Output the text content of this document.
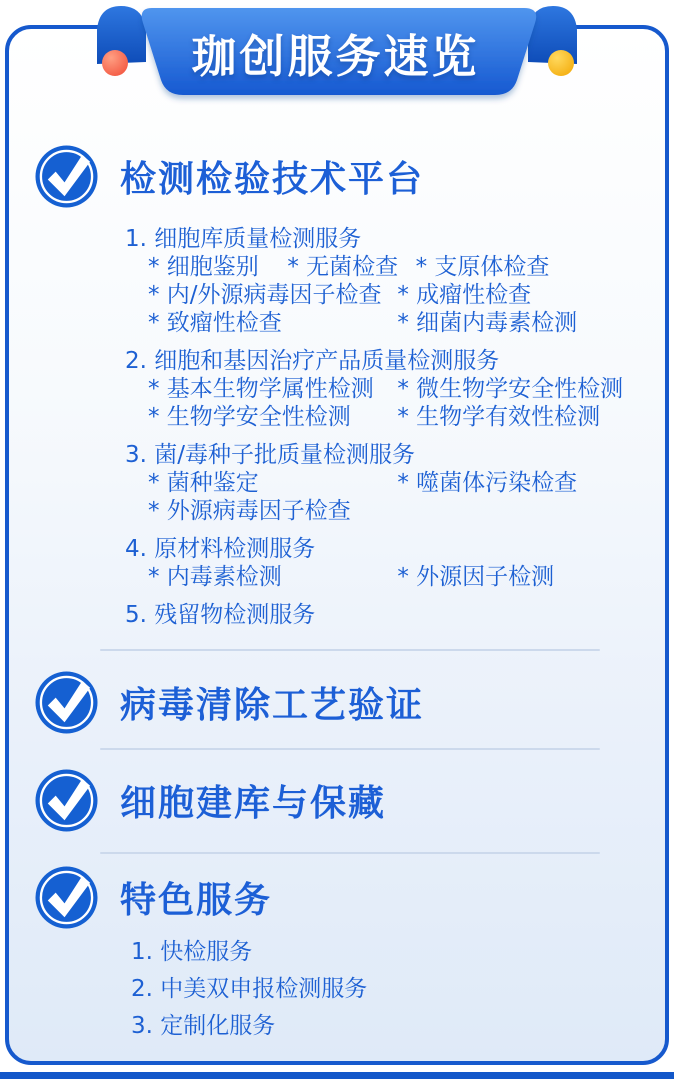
珈创服务速览
检测检验技术平台
1. 细胞库质量检测服务
* 细胞鉴别 * 无菌检查 * 支原体检查
* 内/外源病毒因子检查 * 成瘤性检查
* 致瘤性检查	* 细菌内毒素检测
2. 细胞和基因治疗产品质量检测服务
* 基本生物学属性检测 * 微生物学安全性检测
* 生物学安全性检测 * 生物学有效性检测
3. 菌/毒种子批质量检测服务
* 菌种鉴定	* 噬菌体污染检查
* 外源病毒因子检查
4. 原材料检测服务
* 内毒素检测	* 外源因子检测
5. 残留物检测服务
病毒清除工艺验证
细胞建库与保藏
特色服务
1. 快检服务
2. 中美双申报检测服务
3. 定制化服务
